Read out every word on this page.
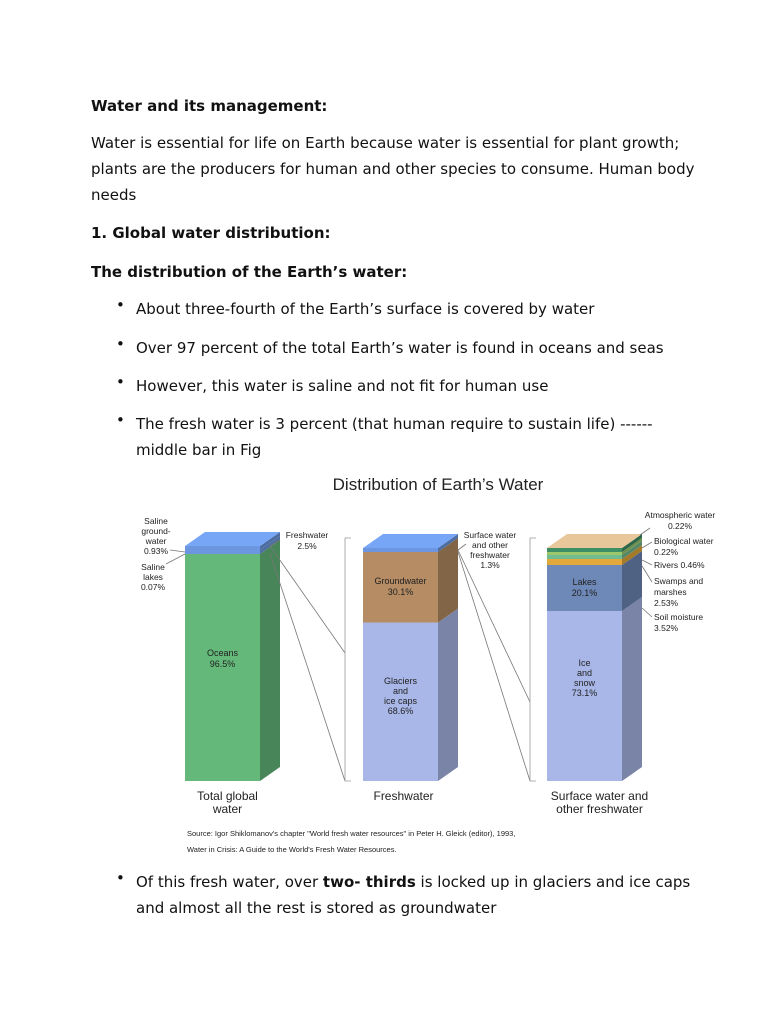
Water and its management:
Water is essential for life on Earth because water is essential for plant growth;
plants are the producers for human and other species to consume. Human body
needs
1. Global water distribution:
The distribution of the Earth’s water:
• About three-fourth of the Earth’s surface is covered by water
• Over 97 percent of the total Earth’s water is found in oceans and seas
• However, this water is saline and not fit for human use
• The fresh water is 3 percent (that human require to sustain life) ------
middle bar in Fig
Distribution of Earth’s Water
Oceans 96.5%
Groundwater 30.1%
Glaciers and ice caps 68.6%
Lakes 20.1%
Ice and snow 73.1%
Saline ground-water 0.93%
Saline lakes 0.07%
Freshwater 2.5%
Surface water and other freshwater 1.3%
Atmospheric water 0.22%
Biological water 0.22%
Rivers 0.46%
Swamps and marshes 2.53%
Soil moisture 3.52%
Total global water
Freshwater	Surface water and other freshwater
Source: Igor Shiklomanov's chapter "World fresh water resources" in Peter H. Gleick (editor), 1993,
Water in Crisis: A Guide to the World's Fresh Water Resources.
• Of this fresh water, over two- thirds is locked up in glaciers and ice caps
and almost all the rest is stored as groundwater
